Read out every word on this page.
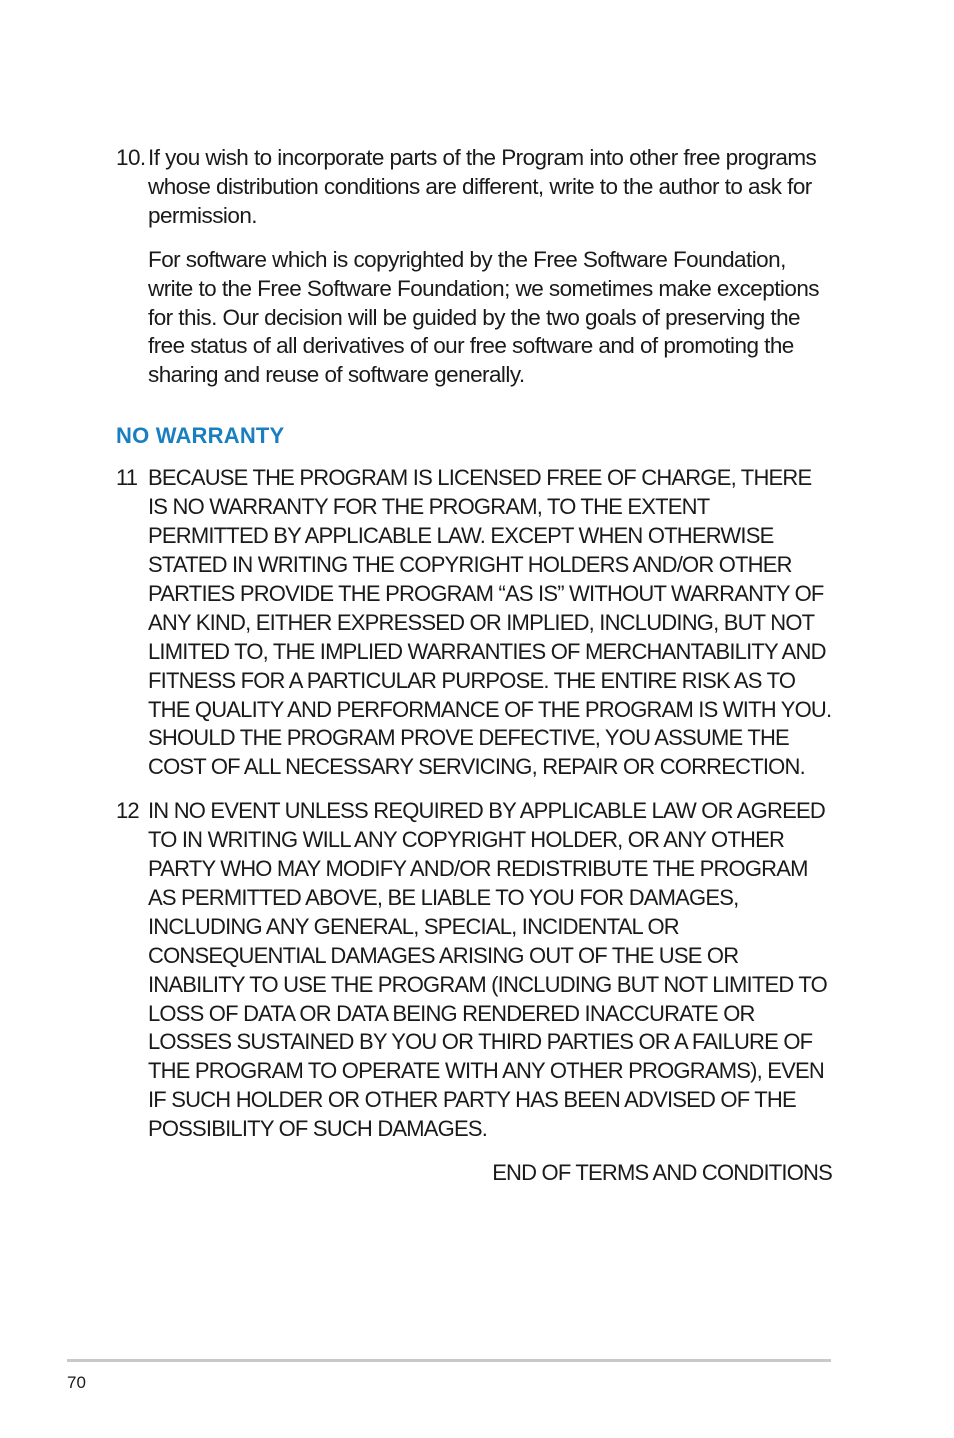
10. If you wish to incorporate parts of the Program into other free programs whose distribution conditions are different, write to the author to ask for permission.

For software which is copyrighted by the Free Software Foundation, write to the Free Software Foundation; we sometimes make exceptions for this. Our decision will be guided by the two goals of preserving the free status of all derivatives of our free software and of promoting the sharing and reuse of software generally.

NO WARRANTY
11 BECAUSE THE PROGRAM IS LICENSED FREE OF CHARGE, THERE IS NO WARRANTY FOR THE PROGRAM, TO THE EXTENT PERMITTED BY APPLICABLE LAW. EXCEPT WHEN OTHERWISE STATED IN WRITING THE COPYRIGHT HOLDERS AND/OR OTHER PARTIES PROVIDE THE PROGRAM “AS IS” WITHOUT WARRANTY OF ANY KIND, EITHER EXPRESSED OR IMPLIED, INCLUDING, BUT NOT LIMITED TO, THE IMPLIED WARRANTIES OF MERCHANTABILITY AND FITNESS FOR A PARTICULAR PURPOSE. THE ENTIRE RISK AS TO THE QUALITY AND PERFORMANCE OF THE PROGRAM IS WITH YOU. SHOULD THE PROGRAM PROVE DEFECTIVE, YOU ASSUME THE COST OF ALL NECESSARY SERVICING, REPAIR OR CORRECTION.

12 IN NO EVENT UNLESS REQUIRED BY APPLICABLE LAW OR AGREED TO IN WRITING WILL ANY COPYRIGHT HOLDER, OR ANY OTHER PARTY WHO MAY MODIFY AND/OR REDISTRIBUTE THE PROGRAM AS PERMITTED ABOVE, BE LIABLE TO YOU FOR DAMAGES, INCLUDING ANY GENERAL, SPECIAL, INCIDENTAL OR CONSEQUENTIAL DAMAGES ARISING OUT OF THE USE OR INABILITY TO USE THE PROGRAM (INCLUDING BUT NOT LIMITED TO LOSS OF DATA OR DATA BEING RENDERED INACCURATE OR LOSSES SUSTAINED BY YOU OR THIRD PARTIES OR A FAILURE OF THE PROGRAM TO OPERATE WITH ANY OTHER PROGRAMS), EVEN IF SUCH HOLDER OR OTHER PARTY HAS BEEN ADVISED OF THE POSSIBILITY OF SUCH DAMAGES.

END OF TERMS AND CONDITIONS
70
